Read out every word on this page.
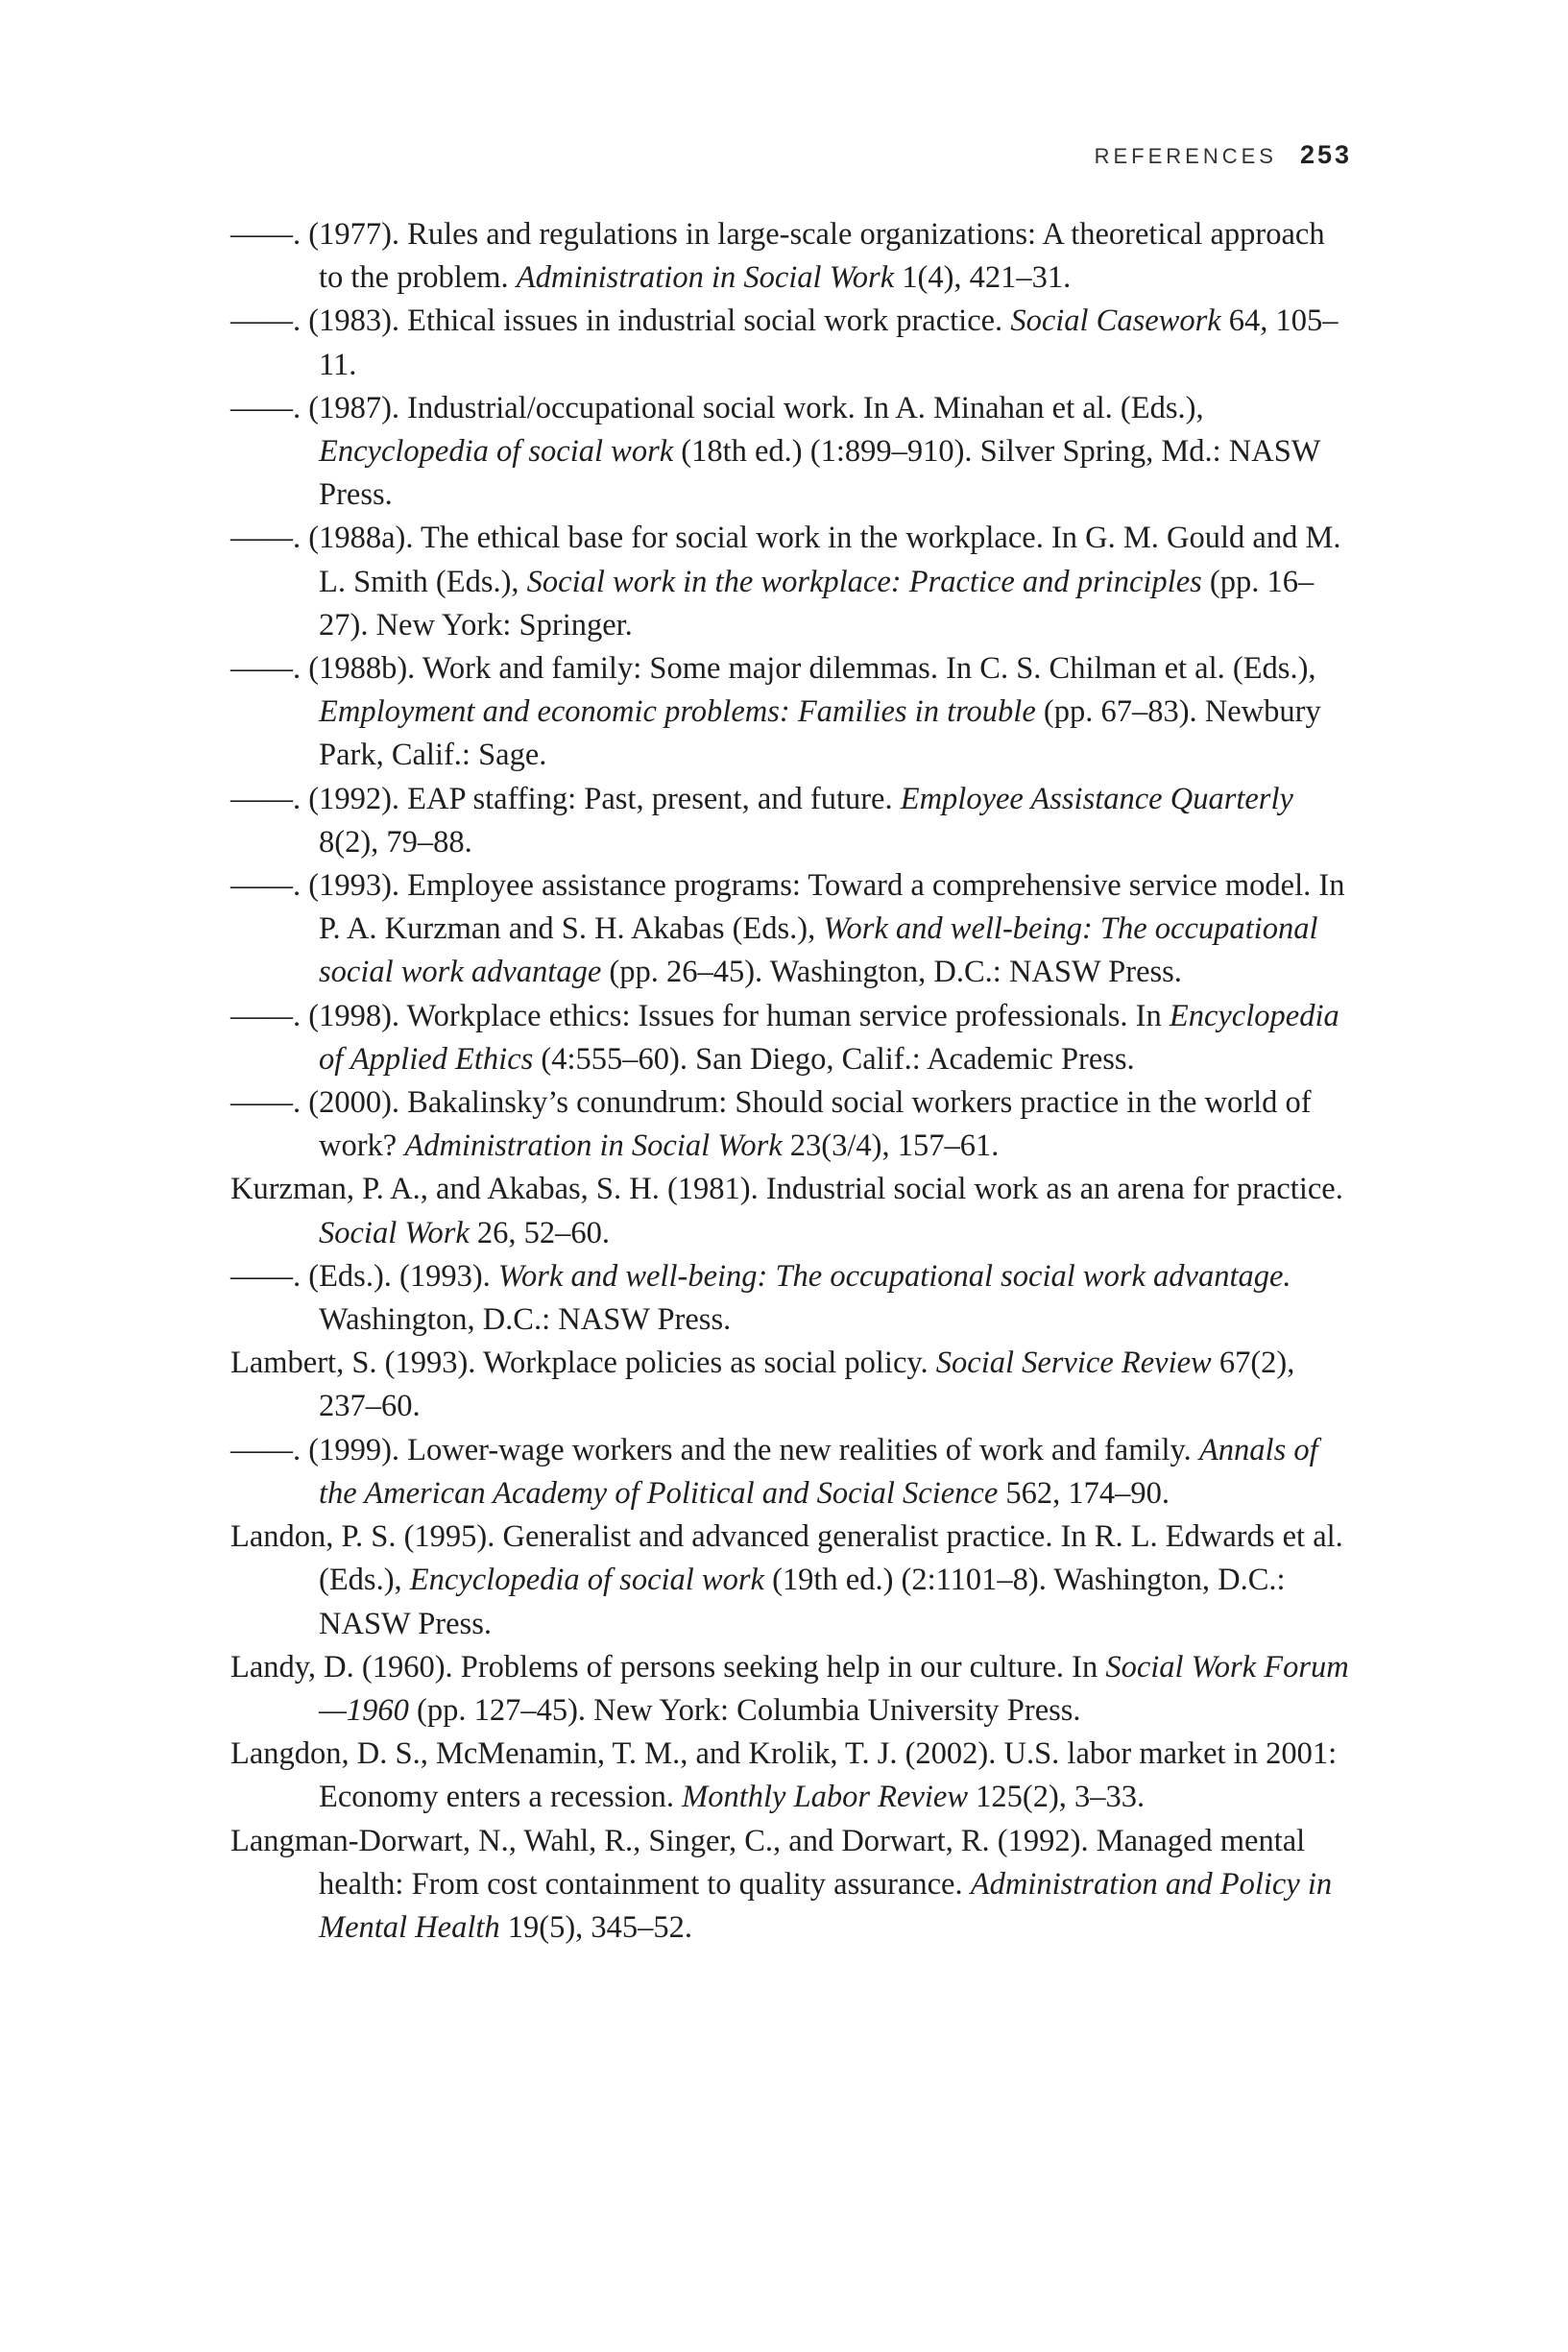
REFERENCES 253
——. (1977). Rules and regulations in large-scale organizations: A theoretical approach to the problem. Administration in Social Work 1(4), 421–31.
——. (1983). Ethical issues in industrial social work practice. Social Casework 64, 105–11.
——. (1987). Industrial/occupational social work. In A. Minahan et al. (Eds.), Encyclopedia of social work (18th ed.) (1:899–910). Silver Spring, Md.: NASW Press.
——. (1988a). The ethical base for social work in the workplace. In G. M. Gould and M. L. Smith (Eds.), Social work in the workplace: Practice and principles (pp. 16–27). New York: Springer.
——. (1988b). Work and family: Some major dilemmas. In C. S. Chilman et al. (Eds.), Employment and economic problems: Families in trouble (pp. 67–83). Newbury Park, Calif.: Sage.
——. (1992). EAP staffing: Past, present, and future. Employee Assistance Quarterly 8(2), 79–88.
——. (1993). Employee assistance programs: Toward a comprehensive service model. In P. A. Kurzman and S. H. Akabas (Eds.), Work and well-being: The occupational social work advantage (pp. 26–45). Washington, D.C.: NASW Press.
——. (1998). Workplace ethics: Issues for human service professionals. In Encyclopedia of Applied Ethics (4:555–60). San Diego, Calif.: Academic Press.
——. (2000). Bakalinsky’s conundrum: Should social workers practice in the world of work? Administration in Social Work 23(3/4), 157–61.
Kurzman, P. A., and Akabas, S. H. (1981). Industrial social work as an arena for practice. Social Work 26, 52–60.
——. (Eds.). (1993). Work and well-being: The occupational social work advantage. Washington, D.C.: NASW Press.
Lambert, S. (1993). Workplace policies as social policy. Social Service Review 67(2), 237–60.
——. (1999). Lower-wage workers and the new realities of work and family. Annals of the American Academy of Political and Social Science 562, 174–90.
Landon, P. S. (1995). Generalist and advanced generalist practice. In R. L. Edwards et al. (Eds.), Encyclopedia of social work (19th ed.) (2:1101–8). Washington, D.C.: NASW Press.
Landy, D. (1960). Problems of persons seeking help in our culture. In Social Work Forum—1960 (pp. 127–45). New York: Columbia University Press.
Langdon, D. S., McMenamin, T. M., and Krolik, T. J. (2002). U.S. labor market in 2001: Economy enters a recession. Monthly Labor Review 125(2), 3–33.
Langman-Dorwart, N., Wahl, R., Singer, C., and Dorwart, R. (1992). Managed mental health: From cost containment to quality assurance. Administration and Policy in Mental Health 19(5), 345–52.
